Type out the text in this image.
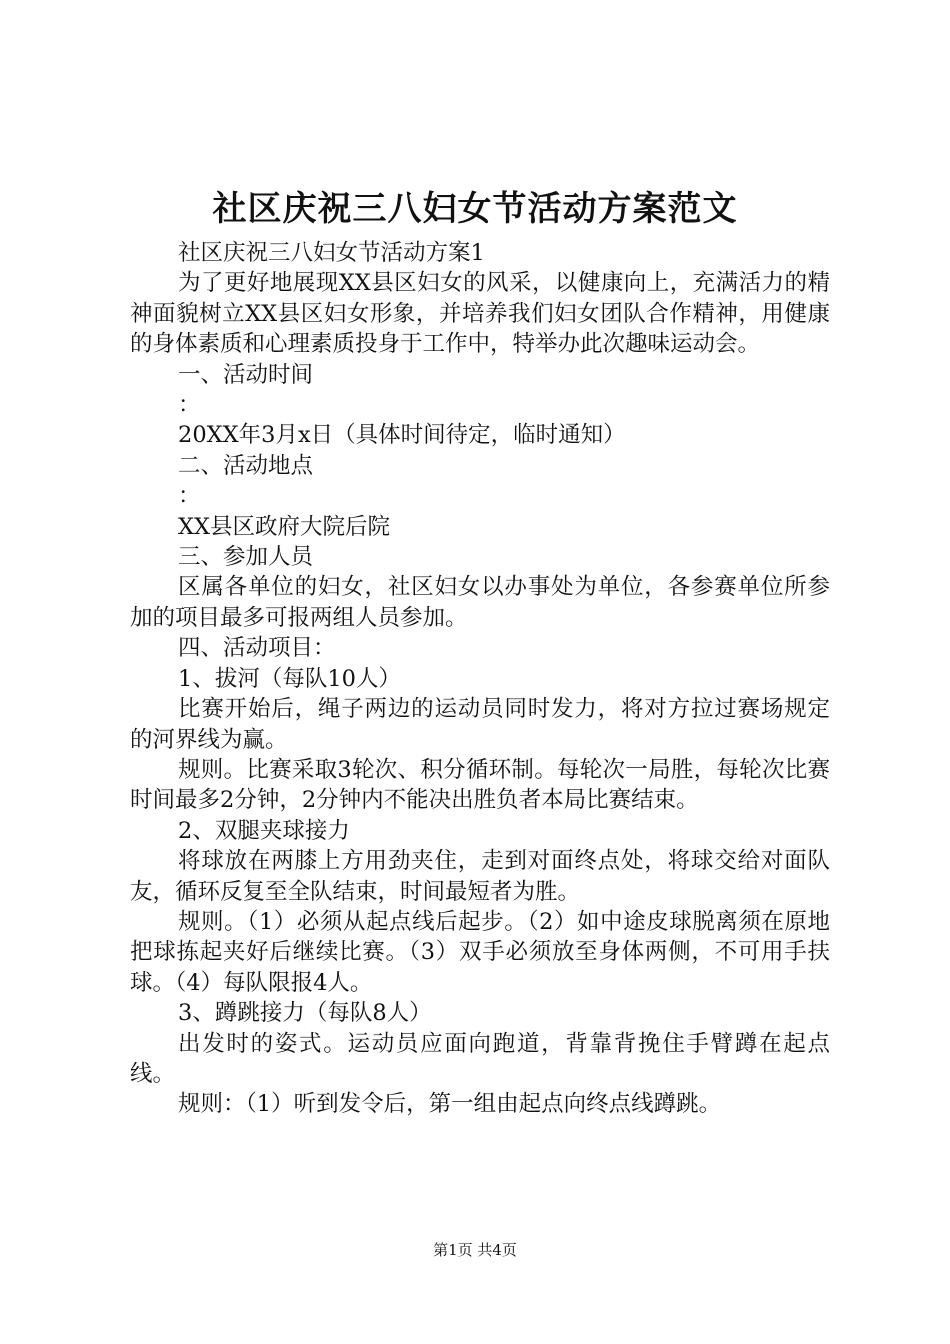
社区庆祝三八妇女节活动方案范文

社区庆祝三八妇女节活动方案1

为了更好地展现XX县区妇女的风采，以健康向上，充满活力的精神面貌树立XX县区妇女形象，并培养我们妇女团队合作精神，用健康的身体素质和心理素质投身于工作中，特举办此次趣味运动会。

一、活动时间

：

20XX年3月x日（具体时间待定，临时通知）

二、活动地点

：

XX县区政府大院后院

三、参加人员

区属各单位的妇女，社区妇女以办事处为单位，各参赛单位所参加的项目最多可报两组人员参加。

四、活动项目：

1、拔河（每队10人）

比赛开始后，绳子两边的运动员同时发力，将对方拉过赛场规定的河界线为赢。

规则。比赛采取3轮次、积分循环制。每轮次一局胜，每轮次比赛时间最多2分钟，2分钟内不能决出胜负者本局比赛结束。

2、双腿夹球接力

将球放在两膝上方用劲夹住，走到对面终点处，将球交给对面队友，循环反复至全队结束，时间最短者为胜。

规则。（1）必须从起点线后起步。（2）如中途皮球脱离须在原地把球拣起夹好后继续比赛。（3）双手必须放至身体两侧，不可用手扶球。（4）每队限报4人。

3、蹲跳接力（每队8人）

出发时的姿式。运动员应面向跑道，背靠背挽住手臂蹲在起点线。

规则：（1）听到发令后，第一组由起点向终点线蹲跳。

第1页 共4页
